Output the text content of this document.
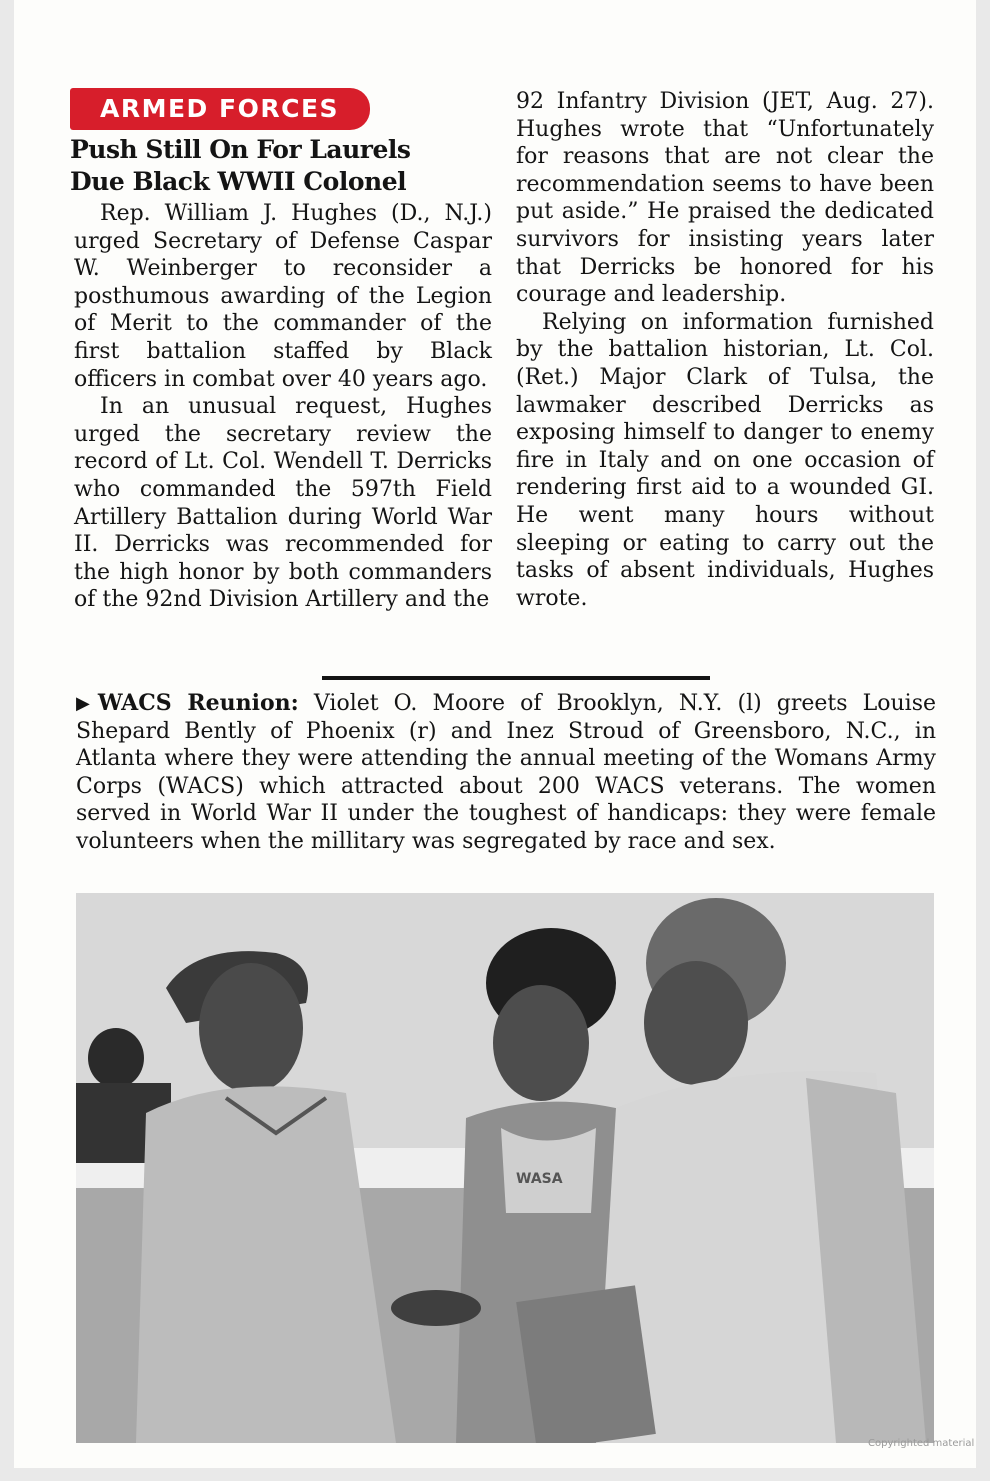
ARMED FORCES
Push Still On For Laurels
Due Black WWII Colonel

Rep. William J. Hughes (D., N.J.) urged Secretary of Defense Caspar W. Weinberger to reconsider a posthumous awarding of the Legion of Merit to the commander of the first battalion staffed by Black officers in combat over 40 years ago.

In an unusual request, Hughes urged the secretary review the record of Lt. Col. Wendell T. Derricks who commanded the 597th Field Artillery Battalion during World War II. Derricks was recommended for the high honor by both commanders of the 92nd Division Artillery and the

92 Infantry Division (JET, Aug. 27). Hughes wrote that “Unfortunately for reasons that are not clear the recommendation seems to have been put aside.” He praised the dedicated survivors for insisting years later that Derricks be honored for his courage and leadership.

Relying on information furnished by the battalion historian, Lt. Col. (Ret.) Major Clark of Tulsa, the lawmaker described Derricks as exposing himself to danger to enemy fire in Italy and on one occasion of rendering first aid to a wounded GI. He went many hours without sleeping or eating to carry out the tasks of absent individuals, Hughes wrote.

▶ WACS Reunion: Violet O. Moore of Brooklyn, N.Y. (l) greets Louise Shepard Bently of Phoenix (r) and Inez Stroud of Greensboro, N.C., in Atlanta where they were attending the annual meeting of the Womans Army Corps (WACS) which attracted about 200 WACS veterans. The women served in World War II under the toughest of handicaps: they were female volunteers when the millitary was segregated by race and sex.
WASA
Copyrighted material
